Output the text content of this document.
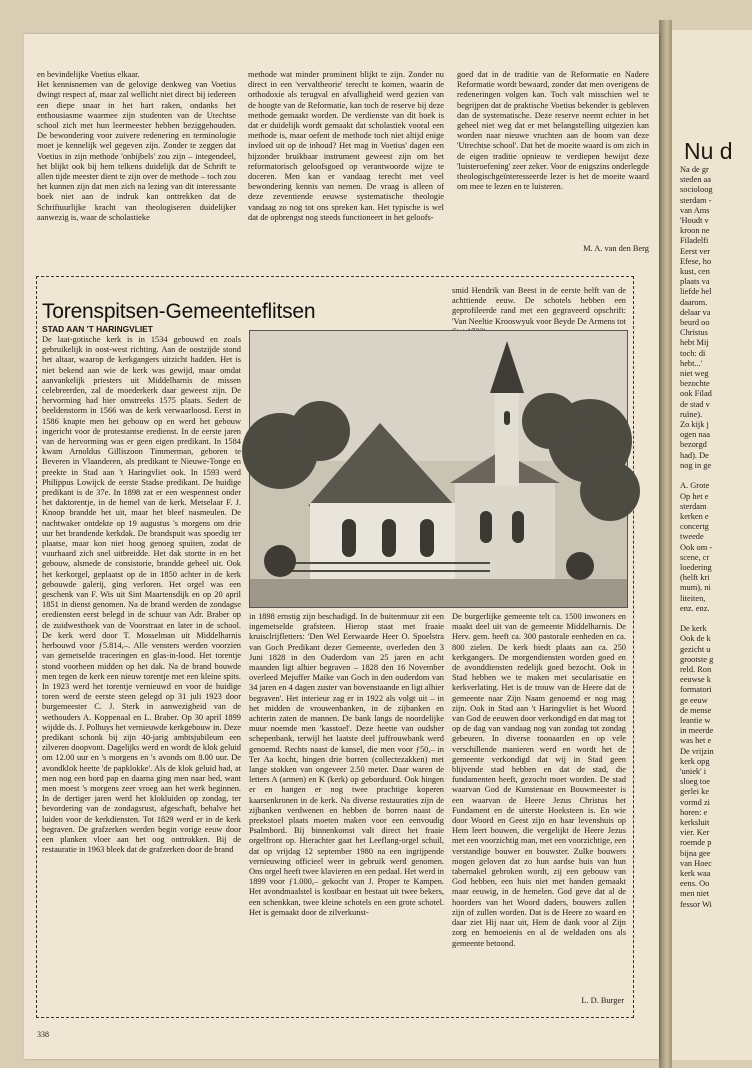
en bevindelijke Voetius elkaar.
Het kennisnemen van de gelovige denkweg van Voetius dwingt respect af, maar zal wellicht niet direct bij iedereen een diepe snaar in het hart raken, ondanks het enthousiasme waarmee zijn studenten van de Utechtse school zich met hun leermeester hebben beziggehouden. De bewondering voor zuivere redenering en terminologie moet je kennelijk wel gegeven zijn. Zonder te zeggen dat Voetius in zijn methode 'onbijbels' zou zijn – integendeel, het blijkt ook bij hem telkens duidelijk dat de Schrift te allen tijde meester dient te zijn over de methode – toch zou het kunnen zijn dat men zich na lezing van dit interessante boek niet aan de indruk kan onttrekken dat de Schriftuurlijke kracht van theologiseren duidelijker aanwezig is, waar de scholastieke
methode wat minder prominent blijkt te zijn. Zonder nu direct in een 'vervaltheorie' terecht te komen, waarin de orthodoxie als terugval en afvalligheid werd gezien van de hoogte van de Reformatie, kan toch de reserve bij deze methode gemaakt worden. De verdienste van dit boek is dat er duidelijk wordt gemaakt dat scholastiek vooral een methode is, maar oefent de methode toch niet altijd enige invloed uit op de inhoud? Het mag in Voetius' dagen een bijzonder bruikbaar instrument geweest zijn om het reformatorisch geloofsgoed op verantwoorde wijze te doceren. Men kan er vandaag terecht met veel bewondering kennis van nemen. De vraag is alleen of deze zeventiende eeuwse systematische theologie vandaag zo nog tot ons spreken kan. Het typische is wel dat de opbrengst nog steeds functioneert in het geloofs-
goed dat in de traditie van de Reformatie en Nadere Reformatie wordt bewaard, zonder dat men overigens de redeneringen volgen kan. Toch valt misschien wel te begrijpen dat de praktische Voetius bekender is gebleven dan de systematische. Deze reserve neemt echter in het geheel niet weg dat er met belangstelling uitgezien kan worden naar nieuwe vruchten aan de boom van deze 'Utrechtse school'. Dat het de moeite waard is om zich in de eigen traditie opnieuw te verdiepen bewijst deze 'luisteroefening' zeer zeker. Voor de enigszins onderlegde theologischgeïnteresseerde lezer is het de moeite waard om mee te lezen en te luisteren.
M. A. van den Berg
Torenspitsen-Gemeenteflitsen
STAD AAN 'T HARINGVLIET
smid Hendrik van Beest in de eerste helft van de achttiende eeuw. De schotels hebben een geprofileerde rand met een gegraveerd opschrift: 'Van Neeltie Krooswyuk voor Beyde De Armens tot
De laat-gotische kerk is in 1534 gebouwd en zoals gebruikelijk in oost-west richting. Aan de oostzijde stond het altaar, waarop de kerkgangers uitzicht hadden. Het is niet bekend aan wie de kerk was gewijd, maar omdat aanvankelijk priesters uit Middelharnis de missen celebreerden, zal de moederkerk daar geweest zijn. De hervorming had hier omstreeks 1575 plaats. Sedert de beeldenstorm in 1566 was de kerk verwaarloosd. Eerst in 1586 knapte men het gebouw op en werd het gebouw ingericht voor de protestantse eredienst. In de eerste jaren van de hervorming was er geen eigen predikant. In 1584 kwam Arnoldus Gilliszoon Timmerman, geboren te Beveren in Vlaanderen, als predikant te Nieuwe-Tonge en preekte in Stad aan 't Haringvliet ook. In 1593 werd Philippus Lowijck de eerste Stadse predikant. De huidige predikant is de 37e. In 1898 zat er een wespennest onder het daktorentje, in de hemel van de kerk. Metselaar F. J. Knoop brandde het uit, maar het bleef nasmeulen. De nachtwaker ontdekte op 19 augustus 's morgens om drie uur het brandende kerkdak. De brandspuit was spoedig ter plaatse, maar kon niet hoog genoeg spuiten, zodat de vuurhaard zich snel uitbreidde. Het dak stortte in en het gebouw, alsmede de consistorie, brandde geheel uit. Ook het kerkorgel, geplaatst op de in 1850 achter in de kerk gebouwde galerij, ging verloren. Het orgel was een geschenk van F. Wis uit Sint Maartensdijk en op 20 april 1851 in dienst genomen. Na de brand werden de zondagse erediensten eerst belegd in de schuur van Adr. Braber op de zuidwesthoek van de Voorstraat en later in de school. De kerk werd door T. Mosselman uit Middelharnis herbouwd voor ƒ5.814,–. Alle vensters werden voorzien van gemetselde traceringen en glas-in-lood. Het torentje stond voorheen midden op het dak. Na de brand bouwde men tegen de kerk een nieuw torentje met een kleine spits. In 1923 werd het torentje vernieuwd en voor de huidige toren werd de eerste steen gelegd op 31 juli 1923 door burgemeester C. J. Sterk in aanwezigheid van de wethouders A. Koppenaal en L. Braber. Op 30 april 1899 wijdde ds. J. Polhuys het vernieuwde kerkgebouw in. Deze predikant schonk bij zijn 40-jarig ambtsjubileum een zilveren doopvont. Dagelijks werd en wordt de klok geluid om 12.00 uur en 's morgens en 's avonds om 8.00 uur. De avondklok heette 'de papklokke'. Als de klok geluid had, at men nog een bord pap en daarna ging men naar bed, want men moest 's morgens zeer vroeg aan het werk beginnen. In de dertiger jaren werd het klokluiden op zondag, ter bevordering van de zondagsrust, afgeschaft, behalve het luiden voor de kerkdiensten. Tot 1829 werd er in de kerk begraven. De grafzerken werden begin vorige eeuw door een planken vloer aan het oog onttrokken. Bij de restauratie in 1963 bleek dat de grafzerken door de brand
in 1898 ernstig zijn beschadigd. In de buitenmuur zit een ingemetselde grafsteen. Hierop staat met fraaie kruisclrijfletters: 'Den Wel Eerwaarde Heer O. Spoelstra van Goch Predikant dezer Gemeente, overleden den 3 Juni 1828 in den Ouderdom van 25 jaren en acht maanden ligt alhier begraven – 1828 den 16 November overleed Mejuffer Maike van Goch in den ouderdom van 34 jaren en 4 dagen zuster van bovenstaande en ligt alhier begraven'. Het interieur zag er in 1922 als volgt uit – in het midden de vrouwenbanken, in de zijbanken en achterin zaten de mannen. De bank langs de noordelijke muur noemde men 'kasstoel'. Deze heette van oudsher schepenbank, terwijl het laatste deel juffrouwbank werd genoemd. Rechts naast de kansel, die men voor ƒ50,– in Ter Aa kocht, hingen drie borren (collectezakken) met lange stokken van ongeveer 2.50 meter. Daar waren de letters A (armen) en K (kerk) op geborduurd. Ook hingen er en hangen er nog twee prachtige koperen kaarsenkronen in de kerk. Na diverse restauraties zijn de zijbanken verdwenen en hebben de borren naast de preekstoel plaats moeten maken voor een eenvoudig Psalmbord. Bij binnenkomst valt direct het fraaie orgelfront op. Hierachter gaat het Leeflang-orgel schuil, dat op vrijdag 12 september 1980 na een ingrijpende vernieuwing officieel weer in gebruik werd genomen. Ons orgel heeft twee klavieren en een pedaal. Het werd in 1899 voor ƒ1.000,– gekocht van J. Proper te Kampen. Het avondmaalstel is kostbaar en bestaat uit twee bekers, een schenkkan, twee kleine schotels en een grote schotel. Het is gemaakt door de zilverkunst-
De burgerlijke gemeente telt ca. 1500 inwoners en maakt deel uit van de gemeente Middelharnis. De Herv. gem. heeft ca. 300 pastorale eenheden en ca. 800 zielen. De kerk biedt plaats aan ca. 250 kerkgangers. De morgendiensten worden goed en de avonddiensten redelijk goed bezocht. Ook in Stad hebben we te maken met secularisatie en kerkverlating. Het is de trouw van de Heere dat de gemeente naar Zijn Naam genoemd er nog mag zijn. Ook in Stad aan 't Haringvliet is het Woord van God de eeuwen door verkondigd en dat mag tot op de dag van vandaag nog van zondag tot zondag gebeuren. In diverse toonaarden en op vele verschillende manieren werd en wordt het de gemeente verkondigd dat wij in Stad geen blijvende stad hebben en dat de stad, die fundamenten heeft, gezocht moet worden. De stad waarvan God de Kunstenaar en Bouwmeester is een waarvan de Heere Jezus Christus het Fundament en de uiterste Hoeksteen is. En wie door Woord en Geest zijn en haar levenshuis op Hem leert bouwen, die vergelijkt de Heere Jezus met een voorzichtig man, met een voorzichtige, een verstandige bouwer en bouwster. Zulke bouwers mogen geloven dat zo hun aardse huis van hun tabernakel gebroken wordt, zij een gebouw van God hebben, een huis niet met handen gemaakt maar eeuwig, in de hemelen. God geve dat al de hoorders van het Woord daders, bouwers zullen zijn of zullen worden. Dat is de Heere zo waard en daar ziet Hij naar uit, Hem de dank voor al Zijn zorg en bemoeienis en al de weldaden ons als gemeente betoond.
L. D. Burger
338
Nu d
Na de gr
steden aa
socioloog
sterdam -
van Ams
'Houdt v
kroon ne
Filadelfi
Eerst ver
Efese, ho
kust, cen
plaats va
liefde hel
daarom.
delaar va
beurd oo
Christus
hebt Mij
toch: di
hebt...'
niet weg
bezochte
ook Filad
de stad v
ruïne).
Zo kijk j
ogen naa
bezorgd
had). De
nog in ge

A. Grote
Op het e
sterdam
kerken e
concertg
tweede
Ook om -
scene, cr
loedering
(helft kri
mum), ni
liteiten,
enz. enz.

De kerk
Ook de k
gezicht u
grootste g
reld. Ron
eeuwse k
formatori
ge eeuw
de mense
leantie w
in meerde
was het e
De vrijzin
kerk opg
'uniek' i
sloeg toe
gerlei ke
vormd zi
horen: e
kerksluit
vier. Ker
roemde p
bijna gee
van Hoec
kerk waa
eens. Oo
men niet
fessor Wi
